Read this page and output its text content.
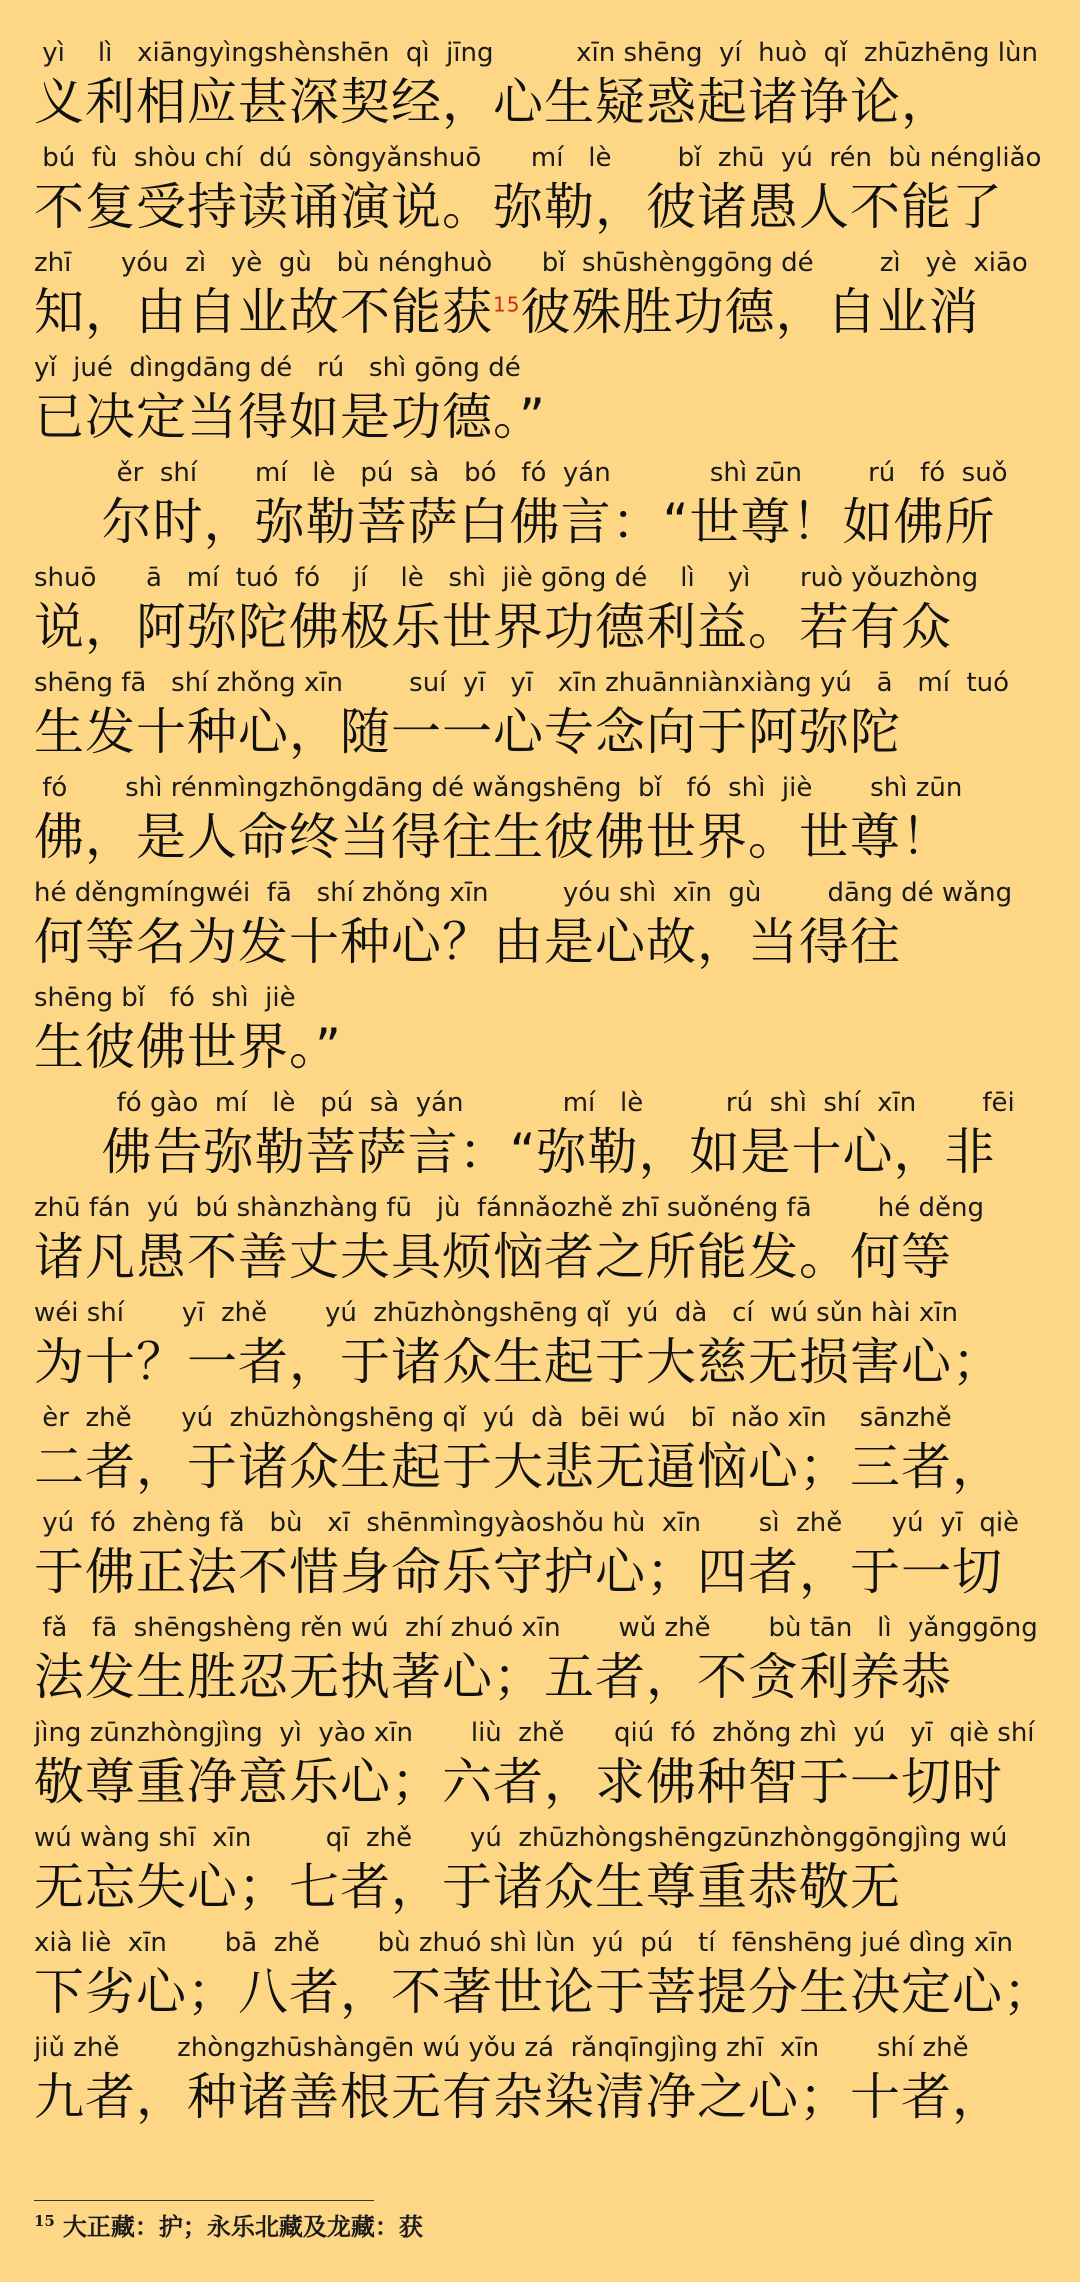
yì    lì   xiāngyìngshènshēn  qì  jīng          xīn shēng  yí  huò  qǐ  zhūzhēng lùn
义利相应甚深契经，心生疑惑起诸诤论，
bú  fù  shòu chí  dú  sòngyǎnshuō      mí   lè        bǐ  zhū  yú  rén  bù néngliǎo
不复受持读诵演说。弥勒，彼诸愚人不能了
zhī      yóu  zì   yè  gù   bù nénghuò      bǐ  shūshènggōng dé        zì   yè  xiāo
知，由自业故不能获$^{15}$彼殊胜功德，自业消
yǐ  jué  dìngdāng dé   rú   shì gōng dé
已决定当得如是功德。”
ěr  shí       mí   lè   pú  sà   bó   fó  yán            shì zūn        rú   fó  suǒ
尔时，弥勒菩萨白佛言：“世尊！如佛所
shuō      ā   mí  tuó  fó    jí    lè   shì  jiè gōng dé    lì    yì      ruò yǒuzhòng
说，阿弥陀佛极乐世界功德利益。若有众
shēng fā   shí zhǒng xīn        suí  yī   yī   xīn zhuānniànxiàng yú   ā   mí  tuó
生发十种心，随一一心专念向于阿弥陀
fó       shì rénmìngzhōngdāng dé wǎngshēng  bǐ   fó  shì  jiè       shì zūn
佛，是人命终当得往生彼佛世界。世尊！
hé děngmíngwéi  fā   shí zhǒng xīn         yóu shì  xīn  gù        dāng dé wǎng
何等名为发十种心？由是心故，当得往
shēng bǐ   fó  shì  jiè
生彼佛世界。”
fó gào  mí   lè   pú  sà  yán            mí   lè          rú  shì  shí  xīn        fēi
佛告弥勒菩萨言：“弥勒，如是十心，非
zhū fán  yú  bú shànzhàng fū   jù  fánnǎozhě zhī suǒnéng fā        hé děng
诸凡愚不善丈夫具烦恼者之所能发。何等
wéi shí       yī  zhě       yú  zhūzhòngshēng qǐ  yú  dà   cí  wú sǔn hài xīn
为十？一者，于诸众生起于大慈无损害心；
èr  zhě      yú  zhūzhòngshēng qǐ  yú  dà  bēi wú   bī  nǎo xīn    sānzhě
二者，于诸众生起于大悲无逼恼心；三者，
yú  fó  zhèng fǎ   bù   xī  shēnmìngyàoshǒu hù  xīn       sì  zhě      yú  yī  qiè
于佛正法不惜身命乐守护心；四者，于一切
fǎ   fā  shēngshèng rěn wú  zhí zhuó xīn       wǔ zhě       bù tān   lì  yǎnggōng
法发生胜忍无执著心；五者，不贪利养恭
jìng zūnzhòngjìng  yì  yào xīn       liù  zhě      qiú  fó  zhǒng zhì  yú   yī  qiè shí
敬尊重净意乐心；六者，求佛种智于一切时
wú wàng shī  xīn         qī  zhě       yú  zhūzhòngshēngzūnzhònggōngjìng wú
无忘失心；七者，于诸众生尊重恭敬无
xià liè  xīn       bā  zhě       bù zhuó shì lùn  yú  pú   tí  fēnshēng jué dìng xīn
下劣心；八者，不著世论于菩提分生决定心；
jiǔ zhě       zhòngzhūshàngēn wú yǒu zá  rǎnqīngjìng zhī  xīn       shí zhě
九者，种诸善根无有杂染清净之心；十者，
$^{15}$ 大正藏：护；永乐北藏及龙藏：获
